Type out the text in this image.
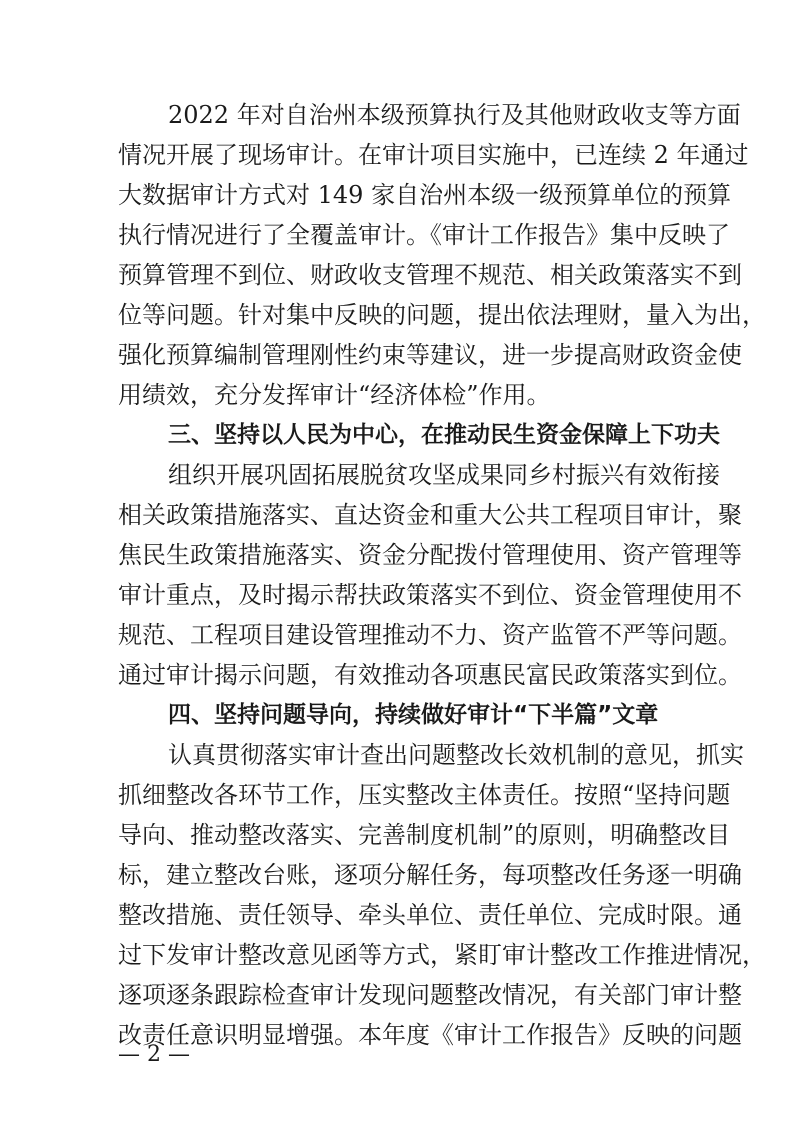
2022 年对自治州本级预算执行及其他财政收支等方面
情况开展了现场审计。在审计项目实施中，已连续 2 年通过
大数据审计方式对 149 家自治州本级一级预算单位的预算
执行情况进行了全覆盖审计。《审计工作报告》集中反映了
预算管理不到位、财政收支管理不规范、相关政策落实不到
位等问题。针对集中反映的问题，提出依法理财，量入为出，
强化预算编制管理刚性约束等建议，进一步提高财政资金使
用绩效，充分发挥审计“经济体检”作用。
三、坚持以人民为中心，在推动民生资金保障上下功夫
组织开展巩固拓展脱贫攻坚成果同乡村振兴有效衔接
相关政策措施落实、直达资金和重大公共工程项目审计，聚
焦民生政策措施落实、资金分配拨付管理使用、资产管理等
审计重点，及时揭示帮扶政策落实不到位、资金管理使用不
规范、工程项目建设管理推动不力、资产监管不严等问题。
通过审计揭示问题，有效推动各项惠民富民政策落实到位。
四、坚持问题导向，持续做好审计“下半篇”文章
认真贯彻落实审计查出问题整改长效机制的意见，抓实
抓细整改各环节工作，压实整改主体责任。按照“坚持问题
导向、推动整改落实、完善制度机制”的原则，明确整改目
标，建立整改台账，逐项分解任务，每项整改任务逐一明确
整改措施、责任领导、牵头单位、责任单位、完成时限。通
过下发审计整改意见函等方式，紧盯审计整改工作推进情况，
逐项逐条跟踪检查审计发现问题整改情况，有关部门审计整
改责任意识明显增强。本年度《审计工作报告》反映的问题
— 2 —
